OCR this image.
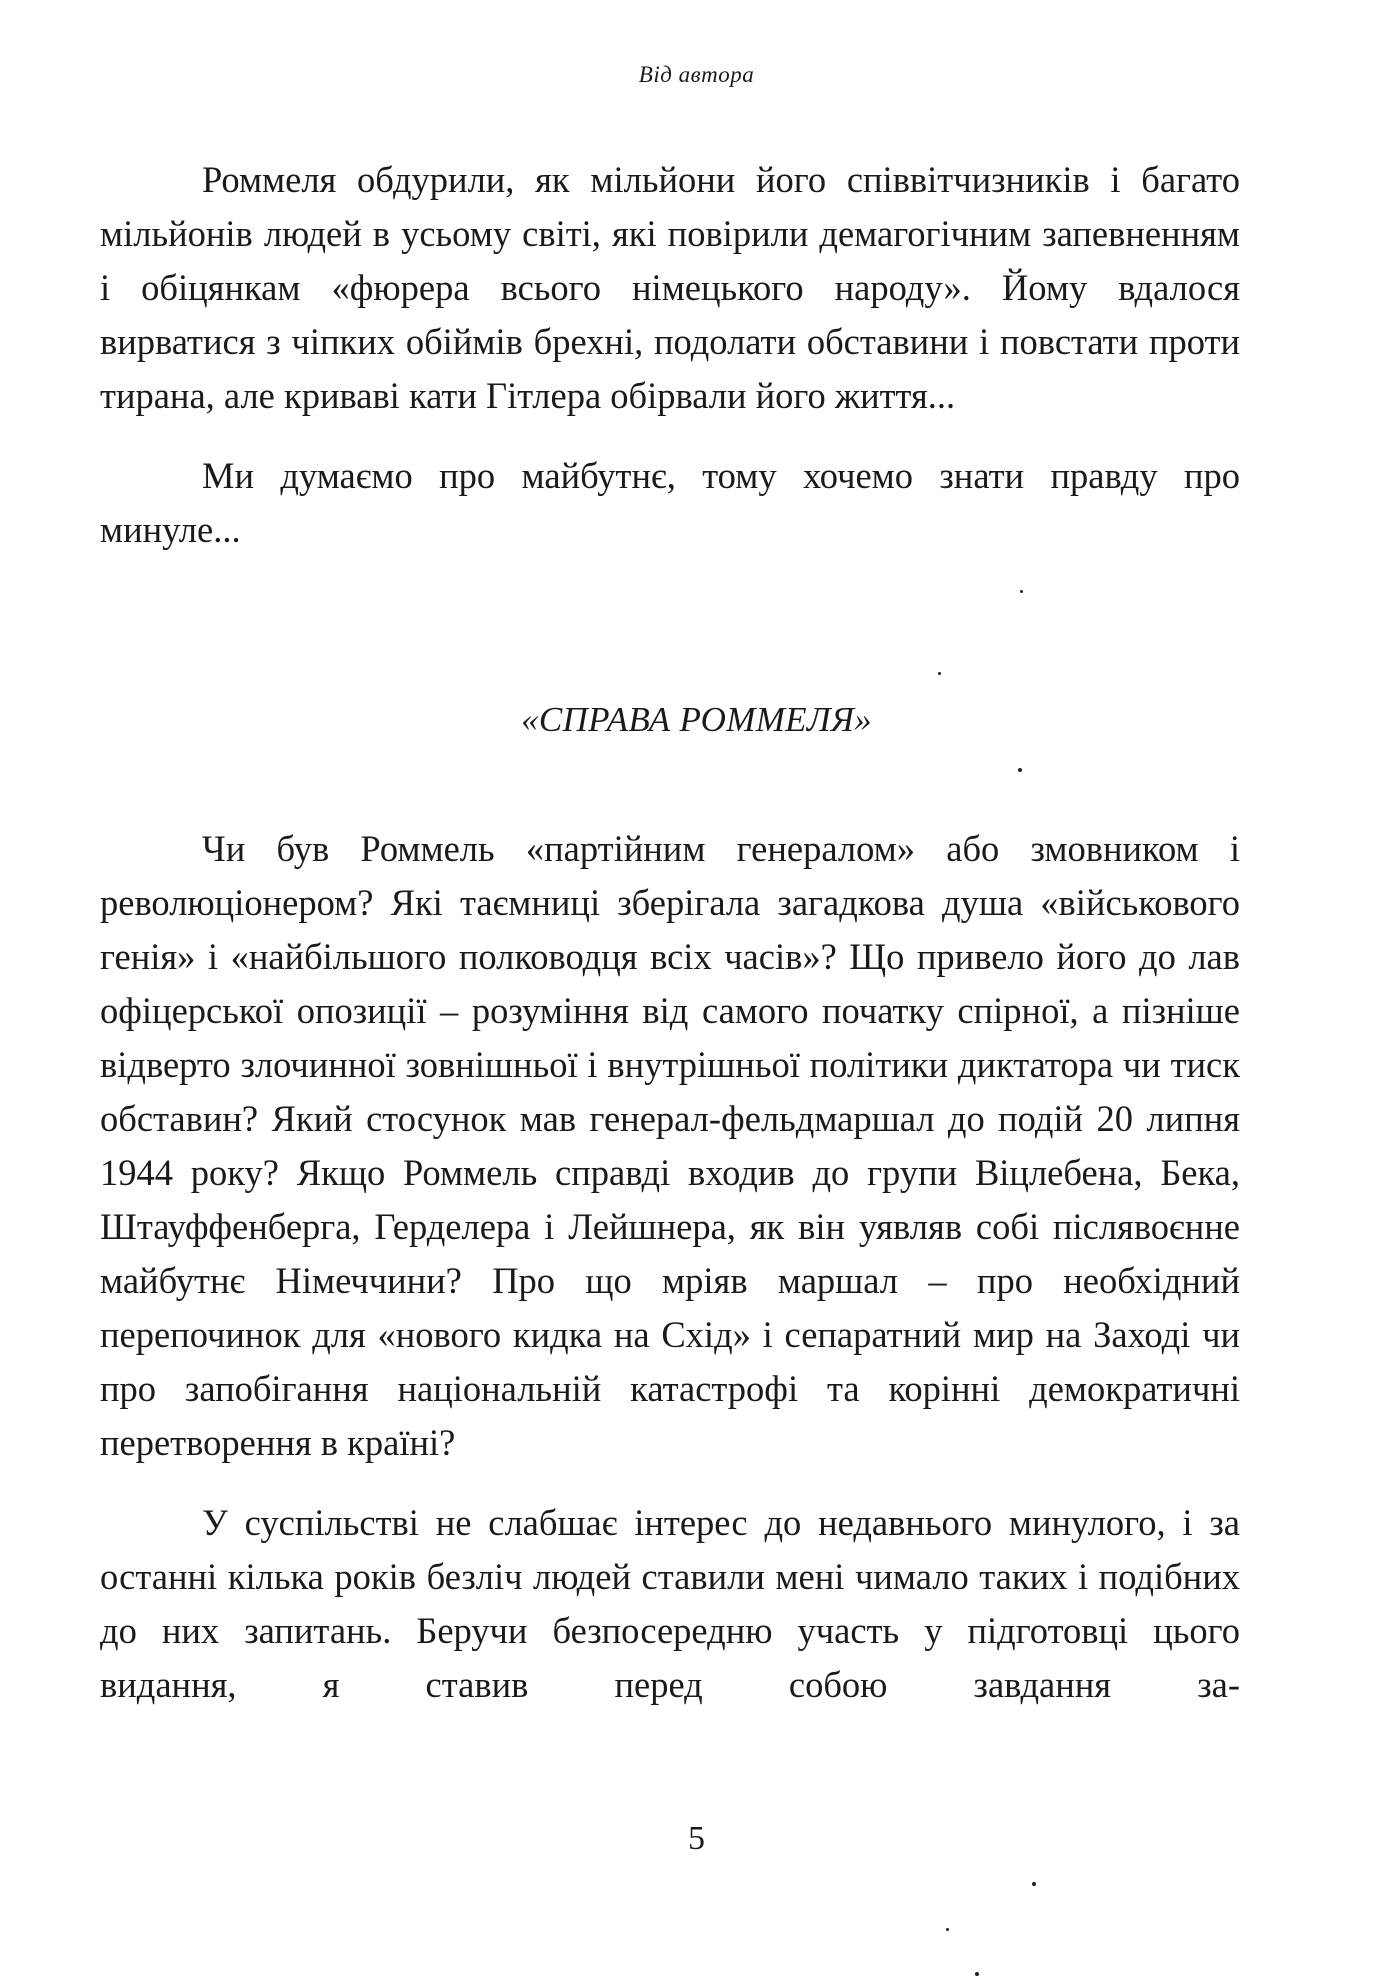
Від автора

Роммеля обдурили, як мільйони його співвітчизників і багато мільйонів людей в усьому світі, які повірили демагогічним запевненням і обіцянкам «фюрера всього німецького народу». Йому вдалося вирватися з чіпких обіймів брехні, подолати обставини і повстати проти тирана, але криваві кати Гітлера обірвали його життя...

Ми думаємо про майбутнє, тому хочемо знати правду про минуле...

«СПРАВА РОММЕЛЯ»

Чи був Роммель «партійним генералом» або змовником і революціонером? Які таємниці зберігала загадкова душа «військового генія» і «найбільшого полководця всіх часів»? Що привело його до лав офіцерської опозиції – розуміння від самого початку спірної, а пізніше відверто злочинної зовнішньої і внутрішньої політики диктатора чи тиск обставин? Який стосунок мав генерал-фельдмаршал до подій 20 липня 1944 року? Якщо Роммель справді входив до групи Віцлебена, Бека, Штауффенберга, Герделера і Лейшнера, як він уявляв собі післявоєнне майбутнє Німеччини? Про що мріяв маршал – про необхідний перепочинок для «нового кидка на Схід» і сепаратний мир на Заході чи про запобігання національній катастрофі та корінні демократичні перетворення в країні?

У суспільстві не слабшає інтерес до недавнього минулого, і за останні кілька років безліч людей ставили мені чимало таких і подібних до них запитань. Беручи безпосередню участь у підготовці цього видання, я ставив перед собою завдання за-

5
